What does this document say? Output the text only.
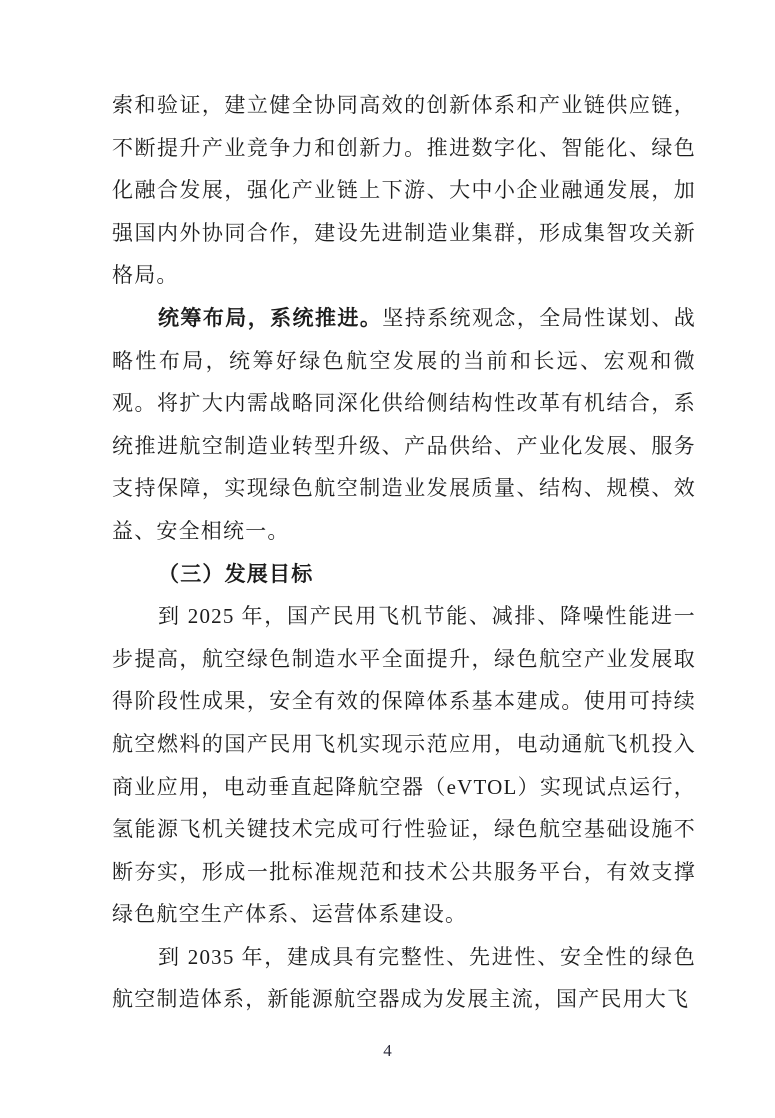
索和验证，建立健全协同高效的创新体系和产业链供应链，不断提升产业竞争力和创新力。推进数字化、智能化、绿色化融合发展，强化产业链上下游、大中小企业融通发展，加强国内外协同合作，建设先进制造业集群，形成集智攻关新格局。

统筹布局，系统推进。坚持系统观念，全局性谋划、战略性布局，统筹好绿色航空发展的当前和长远、宏观和微观。将扩大内需战略同深化供给侧结构性改革有机结合，系统推进航空制造业转型升级、产品供给、产业化发展、服务支持保障，实现绿色航空制造业发展质量、结构、规模、效益、安全相统一。

（三）发展目标

到 2025 年，国产民用飞机节能、减排、降噪性能进一步提高，航空绿色制造水平全面提升，绿色航空产业发展取得阶段性成果，安全有效的保障体系基本建成。使用可持续航空燃料的国产民用飞机实现示范应用，电动通航飞机投入商业应用，电动垂直起降航空器（eVTOL）实现试点运行，氢能源飞机关键技术完成可行性验证，绿色航空基础设施不断夯实，形成一批标准规范和技术公共服务平台，有效支撑绿色航空生产体系、运营体系建设。

到 2035 年，建成具有完整性、先进性、安全性的绿色航空制造体系，新能源航空器成为发展主流，国产民用大飞

4
